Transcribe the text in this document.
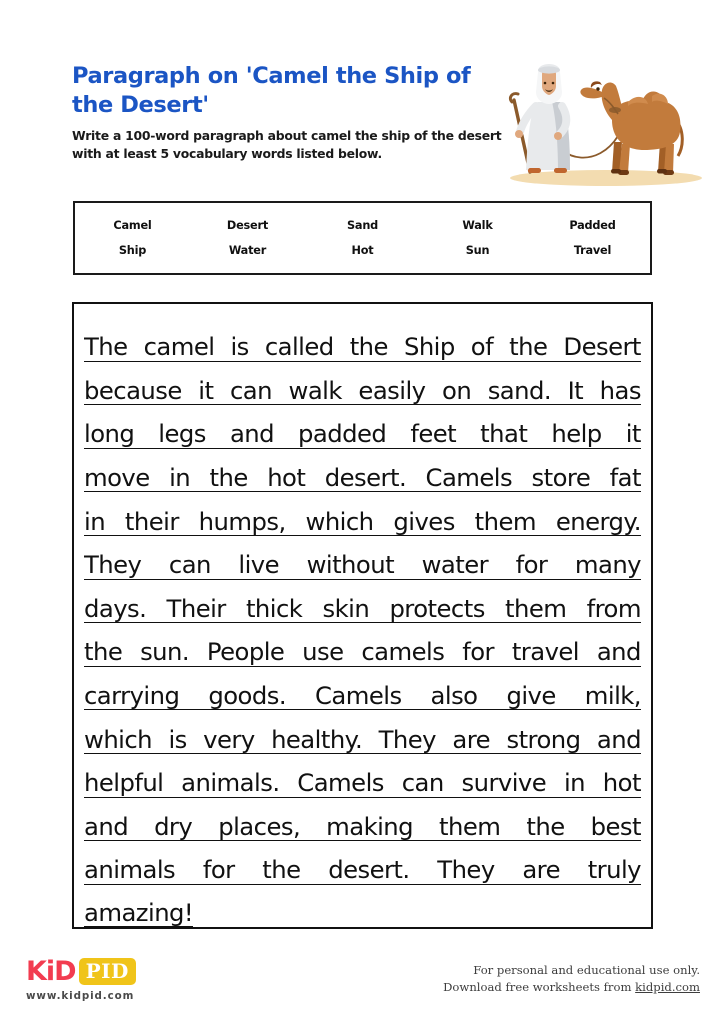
Paragraph on 'Camel the Ship of the Desert'

Write a 100-word paragraph about camel the ship of the desert with at least 5 vocabulary words listed below.

Camel	Desert	Sand	Walk	Padded
Ship	Water	Hot	Sun	Travel
The camel is called the Ship of the Desert
because it can walk easily on sand. It has
long legs and padded feet that help it
move in the hot desert. Camels store fat
in their humps, which gives them energy.
They can live without water for many
days. Their thick skin protects them from
the sun. People use camels for travel and
carrying goods. Camels also give milk,
which is very healthy. They are strong and
helpful animals. Camels can survive in hot
and dry places, making them the best
animals for the desert. They are truly
amazing!
KiD PID
www.kidpid.com
For personal and educational use only.
Download free worksheets from kidpid.com
